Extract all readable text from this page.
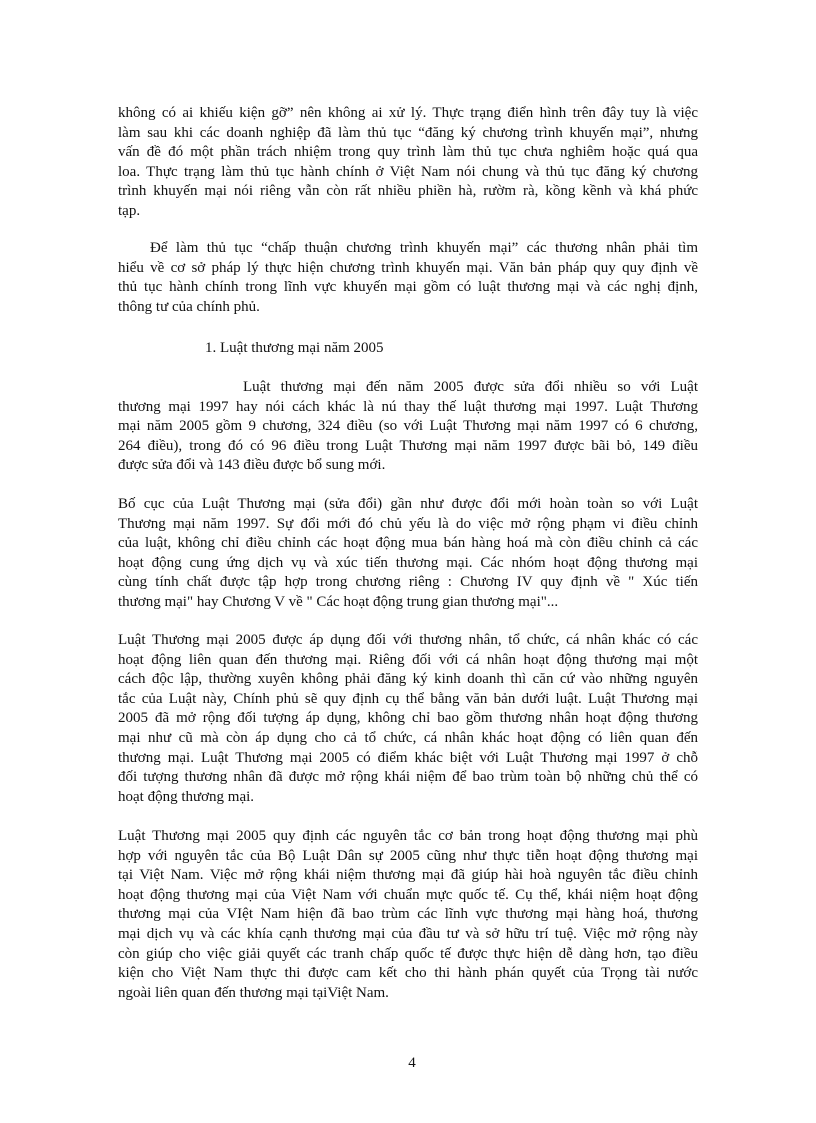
không có ai khiếu kiện gỡ” nên không ai xử lý. Thực trạng điển hình trên đây tuy là việc
làm sau khi các doanh nghiệp đã làm thủ tục “đăng ký chương trình khuyến mại”, nhưng
vấn đề đó một phần trách nhiệm trong quy trình làm thủ tục chưa nghiêm hoặc quá qua
loa. Thực trạng làm thủ tục hành chính ở Việt Nam nói chung và thủ tục đăng ký chương
trình khuyến mại nói riêng vẫn còn rất nhiều phiền hà, rườm rà, kồng kềnh và khá phức
tạp.
Để làm thủ tục “chấp thuận chương trình khuyến mại” các thương nhân phải tìm
hiểu về cơ sở pháp lý thực hiện chương trình khuyến mại. Văn bản pháp quy quy định về
thủ tục hành chính trong lĩnh vực khuyến mại gồm có luật thương mại và các nghị định,
thông tư của chính phủ.
1. Luật thương mại năm 2005
Luật thương mại đến năm 2005 được sửa đổi nhiều so với Luật
thương mại 1997 hay nói cách khác là nú thay thế luật thương mại 1997. Luật Thương
mại năm 2005 gồm 9 chương, 324 điều (so với Luật Thương mại năm 1997 có 6 chương,
264 điều), trong đó có 96 điều trong Luật Thương mại năm 1997 được bãi bỏ, 149 điều
được sửa đổi và 143 điều được bổ sung mới.
Bố cục của Luật Thương mại (sửa đổi) gần như được đổi mới hoàn toàn so với Luật
Thương mại năm 1997. Sự đổi mới đó chủ yếu là do việc mở rộng phạm vi điều chỉnh
của luật, không chỉ điều chỉnh các hoạt động mua bán hàng hoá mà còn điều chỉnh cả các
hoạt động cung ứng dịch vụ và xúc tiến thương mại. Các nhóm hoạt động thương mại
cùng tính chất được tập hợp trong chương riêng : Chương IV quy định về " Xúc tiến
thương mại" hay Chương V về " Các hoạt động trung gian thương mại"...
Luật Thương mại 2005 được áp dụng đối với thương nhân, tổ chức, cá nhân khác có các
hoạt động liên quan đến thương mại. Riêng đối với cá nhân hoạt động thương mại một
cách độc lập, thường xuyên không phải đăng ký kinh doanh thì căn cứ vào những nguyên
tắc của Luật này, Chính phủ sẽ quy định cụ thể bằng văn bản dưới luật. Luật Thương mại
2005 đã mở rộng đối tượng áp dụng, không chỉ bao gồm thương nhân hoạt động thương
mại như cũ mà còn áp dụng cho cả tổ chức, cá nhân khác hoạt động có liên quan đến
thương mại. Luật Thương mại 2005 có điểm khác biệt với Luật Thương mại 1997 ở chỗ
đối tượng thương nhân đã được mở rộng khái niệm để bao trùm toàn bộ những chủ thể có
hoạt động thương mại.
Luật Thương mại 2005 quy định các nguyên tắc cơ bản trong hoạt động thương mại phù
hợp với nguyên tắc của Bộ Luật Dân sự 2005 cũng như thực tiễn hoạt động thương mại
tại Việt Nam. Việc mở rộng khái niệm thương mại đã giúp hài hoà nguyên tắc điều chỉnh
hoạt động thương mại của Việt Nam với chuẩn mực quốc tế. Cụ thể, khái niệm hoạt động
thương mại của VIệt Nam hiện đã bao trùm các lĩnh vực thương mại hàng hoá, thương
mại dịch vụ và các khía cạnh thương mại của đầu tư và sở hữu trí tuệ. Việc mở rộng này
còn giúp cho việc giải quyết các tranh chấp quốc tế được thực hiện dễ dàng hơn, tạo điều
kiện cho Việt Nam thực thi được cam kết cho thi hành phán quyết của Trọng tài nước
ngoài liên quan đến thương mại tạiViệt Nam.
4
